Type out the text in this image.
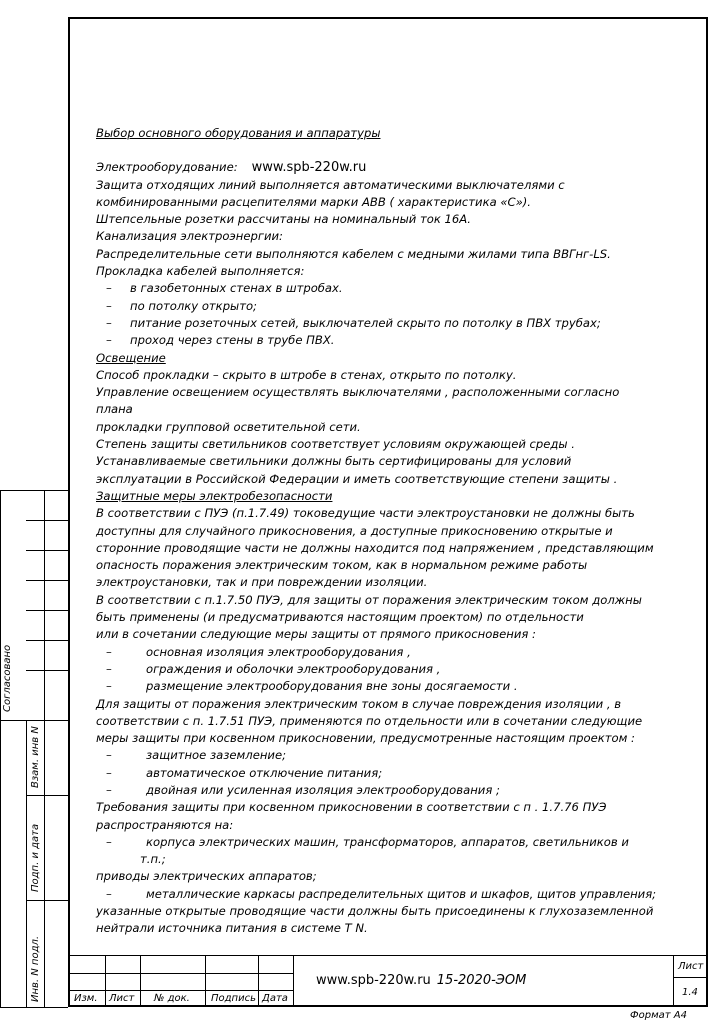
Выбор основного оборудования и аппаратуры
Электрооборудование: www.spb-220w.ru
Защита отходящих линий выполняется автоматическими выключателями с
комбинированными расцепителями марки АВВ ( характеристика «С»).
Штепсельные розетки рассчитаны на номинальный ток 16А.
Канализация электроэнергии:
Распределительные сети выполняются кабелем с медными жилами типа ВВГнг-LS.
Прокладка кабелей выполняется:
– в газобетонных стенах в штробах.
– по потолку открыто;
– питание розеточных сетей, выключателей скрыто по потолку в ПВХ трубах;
– проход через стены в трубе ПВХ.
Освещение
Способ прокладки – скрыто в штробе в стенах, открыто по потолку.
Управление освещением осуществлять выключателями , расположенными согласно
плана
прокладки групповой осветительной сети.
Степень защиты светильников соответствует условиям окружающей среды .
Устанавливаемые светильники должны быть сертифицированы для условий
эксплуатации в Российской Федерации и иметь соответствующие степени защиты .
Защитные меры электробезопасности
В соответствии с ПУЭ (п.1.7.49) токоведущие части электроустановки не должны быть
доступны для случайного прикосновения, а доступные прикосновению открытые и
сторонние проводящие части не должны находится под напряжением , представляющим
опасность поражения электрическим током, как в нормальном режиме работы
электроустановки, так и при повреждении изоляции.
В соответствии с п.1.7.50 ПУЭ, для защиты от поражения электрическим током должны
быть применены (и предусматриваются настоящим проектом) по отдельности
или в сочетании следующие меры защиты от прямого прикосновения :
–	основная изоляция электрооборудования ,
–	ограждения и оболочки электрооборудования ,
–	размещение электрооборудования вне зоны досягаемости .
Для защиты от поражения электрическим током в случае повреждения изоляции , в
соответствии с п. 1.7.51 ПУЭ, применяются по отдельности или в сочетании следующие
меры защиты при косвенном прикосновении, предусмотренные настоящим проектом :
–	защитное заземление;
–	автоматическое отключение питания;
–	двойная или усиленная изоляция электрооборудования ;
Требования защиты при косвенном прикосновении в соответствии с п . 1.7.76 ПУЭ
распространяются на:
–	корпуса электрических машин, трансформаторов, аппаратов, светильников и
т.п.;
приводы электрических аппаратов;
–	металлические каркасы распределительных щитов и шкафов, щитов управления;
указанные открытые проводящие части должны быть присоединены к глухозаземленной
нейтрали источника питания в системе Т N.
Согласовано
Взам. инв N
Подп. и дата
Инв. N подл.	Изм. Лист № док. Подпись Дата
www.spb-220w.ru 15-2020-ЭОМ
Лист
1.4
Формат А4
